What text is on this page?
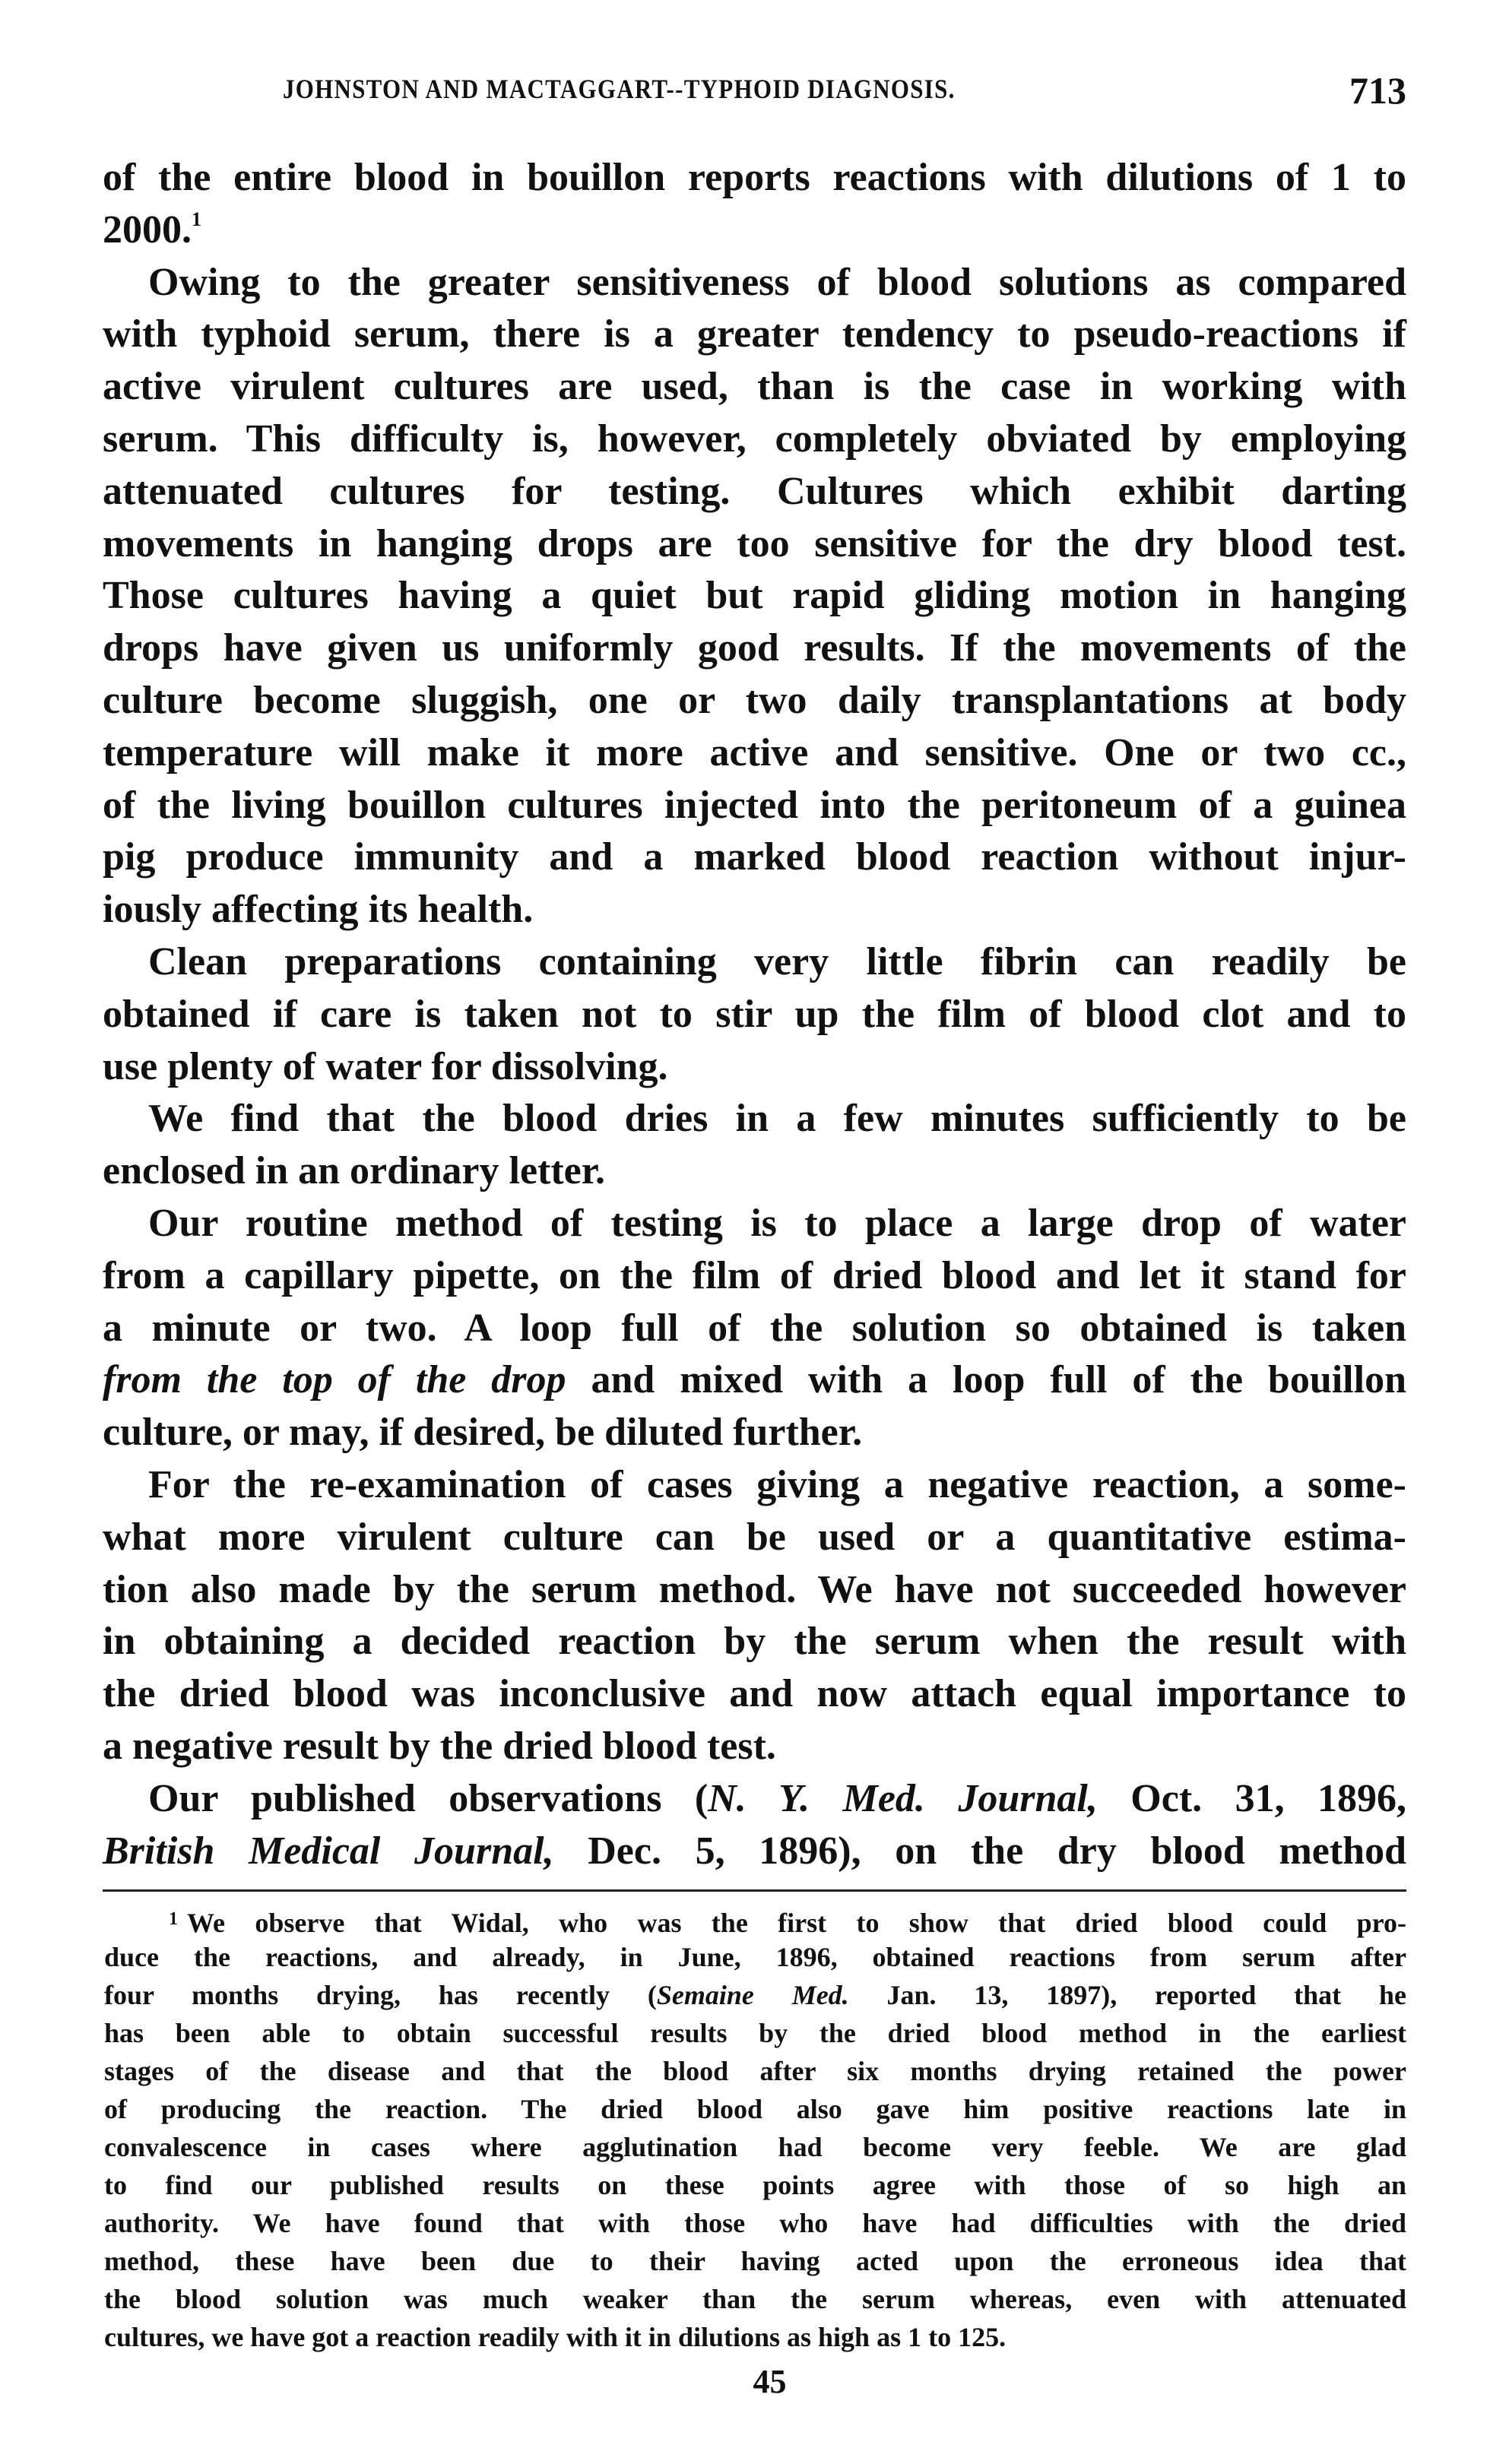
JOHNSTON AND MACTAGGART--TYPHOID DIAGNOSIS.	713
of the entire blood in bouillon reports reactions with dilutions of 1 to
2000.$^1$
Owing to the greater sensitiveness of blood solutions as compared
with typhoid serum, there is a greater tendency to pseudo-reactions if
active virulent cultures are used, than is the case in working with
serum. This difficulty is, however, completely obviated by employing
attenuated cultures for testing. Cultures which exhibit darting
movements in hanging drops are too sensitive for the dry blood test.
Those cultures having a quiet but rapid gliding motion in hanging
drops have given us uniformly good results. If the movements of the
culture become sluggish, one or two daily transplantations at body
temperature will make it more active and sensitive. One or two cc.,
of the living bouillon cultures injected into the peritoneum of a guinea
pig produce immunity and a marked blood reaction without injur-
iously affecting its health.
Clean preparations containing very little fibrin can readily be
obtained if care is taken not to stir up the film of blood clot and to
use plenty of water for dissolving.
We find that the blood dries in a few minutes sufficiently to be
enclosed in an ordinary letter.
Our routine method of testing is to place a large drop of water
from a capillary pipette, on the film of dried blood and let it stand for
a minute or two. A loop full of the solution so obtained is taken
from the top of the drop and mixed with a loop full of the bouillon
culture, or may, if desired, be diluted further.
For the re-examination of cases giving a negative reaction, a some-
what more virulent culture can be used or a quantitative estima-
tion also made by the serum method. We have not succeeded however
in obtaining a decided reaction by the serum when the result with
the dried blood was inconclusive and now attach equal importance to
a negative result by the dried blood test.
Our published observations (N. Y. Med. Journal, Oct. 31, 1896,
British Medical Journal, Dec. 5, 1896), on the dry blood method
$^1$ We observe that Widal, who was the first to show that dried blood could pro-
duce the reactions, and already, in June, 1896, obtained reactions from serum after
four months drying, has recently (Semaine Med. Jan. 13, 1897), reported that he
has been able to obtain successful results by the dried blood method in the earliest
stages of the disease and that the blood after six months drying retained the power
of producing the reaction. The dried blood also gave him positive reactions late in
convalescence in cases where agglutination had become very feeble. We are glad
to find our published results on these points agree with those of so high an
authority. We have found that with those who have had difficulties with the dried
method, these have been due to their having acted upon the erroneous idea that
the blood solution was much weaker than the serum whereas, even with attenuated
cultures, we have got a reaction readily with it in dilutions as high as 1 to 125.
45
